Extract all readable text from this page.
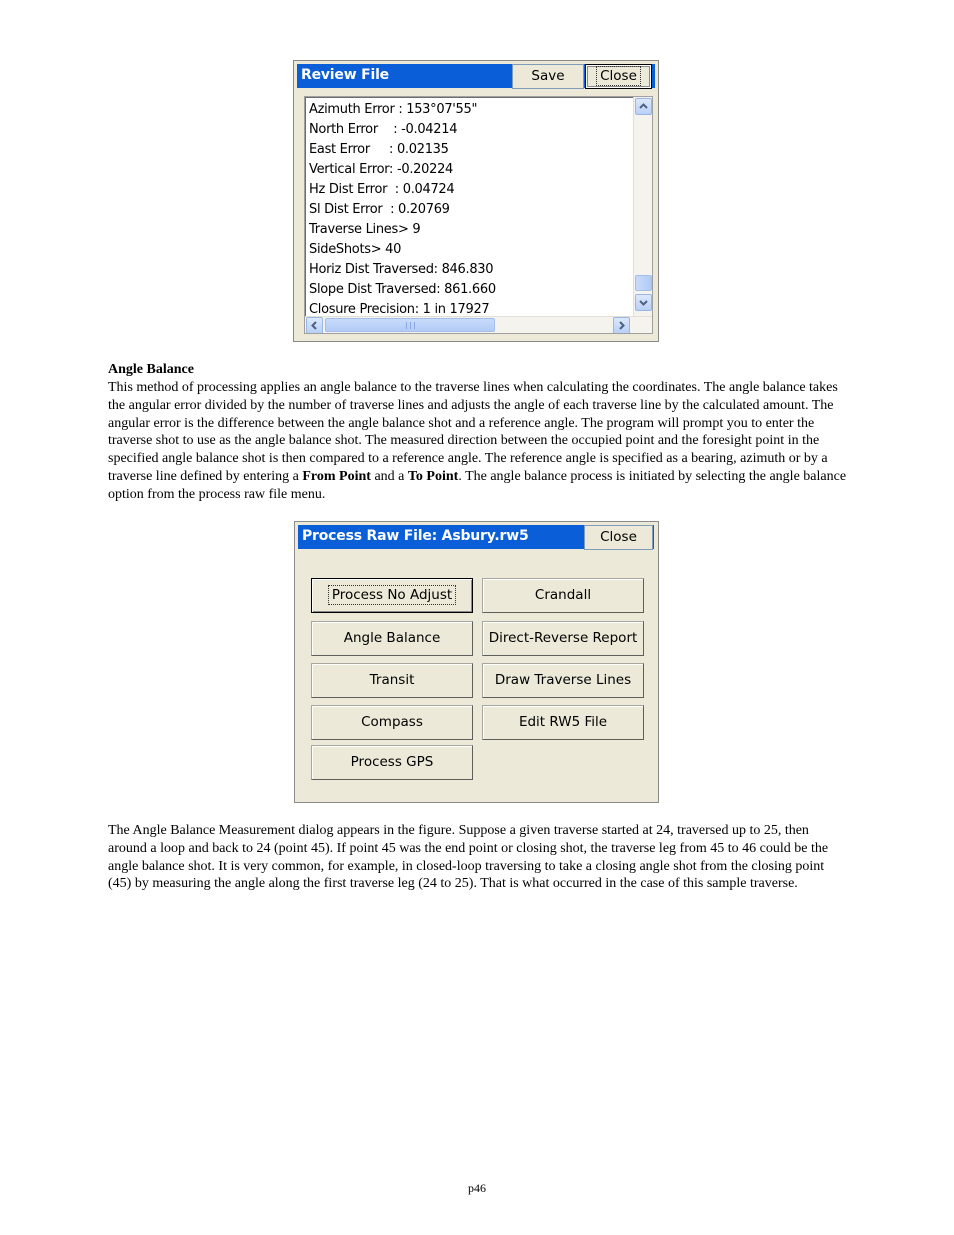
Review File	Save	Close
Azimuth Error : 153°07'55"
North Error    : -0.04214
East Error     : 0.02135
Vertical Error: -0.20224
Hz Dist Error  : 0.04724
Sl Dist Error  : 0.20769
Traverse Lines> 9
SideShots> 40
Horiz Dist Traversed: 846.830
Slope Dist Traversed: 861.660
Closure Precision: 1 in 17927
Angle Balance
This method of processing applies an angle balance to the traverse lines when calculating the coordinates. The angle balance takes the angular error divided by the number of traverse lines and adjusts the angle of each traverse line by the calculated amount. The angular error is the difference between the angle balance shot and a reference angle. The program will prompt you to enter the traverse shot to use as the angle balance shot. The measured direction between the occupied point and the foresight point in the specified angle balance shot is then compared to a reference angle. The reference angle is specified as a bearing, azimuth or by a traverse line defined by entering a From Point and a To Point. The angle balance process is initiated by selecting the angle balance option from the process raw file menu.
Process Raw File: Asbury.rw5	Close
Process No Adjust	Crandall
Angle Balance	Direct-Reverse Report
Transit	Draw Traverse Lines
Compass	Edit RW5 File
Process GPS
The Angle Balance Measurement dialog appears in the figure. Suppose a given traverse started at 24, traversed up to 25, then around a loop and back to 24 (point 45). If point 45 was the end point or closing shot, the traverse leg from 45 to 46 could be the angle balance shot. It is very common, for example, in closed-loop traversing to take a closing angle shot from the closing point (45) by measuring the angle along the first traverse leg (24 to 25). That is what occurred in the case of this sample traverse.
p46
